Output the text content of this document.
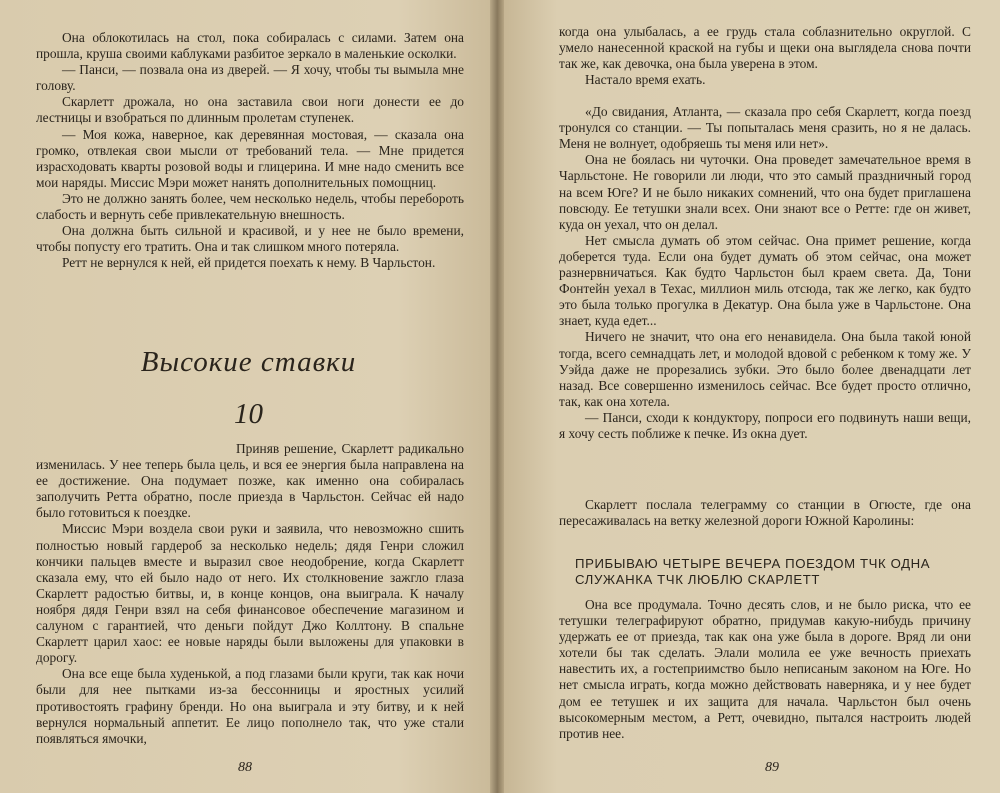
Она облокотилась на стол, пока собиралась с силами. Затем она прошла, круша своими каблуками разбитое зеркало в маленькие осколки.

— Панси, — позвала она из дверей. — Я хочу, чтобы ты вымыла мне голову.

Скарлетт дрожала, но она заставила свои ноги донести ее до лестницы и взобраться по длинным пролетам ступенек.

— Моя кожа, наверное, как деревянная мостовая, — сказала она громко, отвлекая свои мысли от требований тела. — Мне придется израсходовать кварты розовой воды и глицерина. И мне надо сменить все мои наряды. Миссис Мэри может нанять дополнительных помощниц.

Это не должно занять более, чем несколько недель, чтобы перебороть слабость и вернуть себе привлекательную внешность.

Она должна быть сильной и красивой, и у нее не было времени, чтобы попусту его тратить. Она и так слишком много потеряла.

Ретт не вернулся к ней, ей придется поехать к нему. В Чарльстон.

Высокие ставки
10

Приняв решение, Скарлетт радикально изменилась. У нее теперь была цель, и вся ее энергия была направлена на ее достижение. Она подумает позже, как именно она собиралась заполучить Ретта обратно, после приезда в Чарльстон. Сейчас ей надо было готовиться к поездке.

Миссис Мэри воздела свои руки и заявила, что невозможно сшить полностью новый гардероб за несколько недель; дядя Генри сложил кончики пальцев вместе и выразил свое неодобрение, когда Скарлетт сказала ему, что ей было надо от него. Их столкновение зажгло глаза Скарлетт радостью битвы, и, в конце концов, она выиграла. К началу ноября дядя Генри взял на себя финансовое обеспечение магазином и салуном с гарантией, что деньги пойдут Джо Коллтону. В спальне Скарлетт царил хаос: ее новые наряды были выложены для упаковки в дорогу.

Она все еще была худенькой, а под глазами были круги, так как ночи были для нее пытками из-за бессонницы и яростных усилий противостоять графину бренди. Но она выиграла и эту битву, и к ней вернулся нормальный аппетит. Ее лицо пополнело так, что уже стали появляться ямочки,

88

когда она улыбалась, а ее грудь стала соблазнительно округлой. С умело нанесенной краской на губы и щеки она выглядела снова почти так же, как девочка, она была уверена в этом.

Настало время ехать.

«До свидания, Атланта, — сказала про себя Скарлетт, когда поезд тронулся со станции. — Ты попыталась меня сразить, но я не далась. Меня не волнует, одобряешь ты меня или нет».

Она не боялась ни чуточки. Она проведет замечательное время в Чарльстоне. Не говорили ли люди, что это самый праздничный город на всем Юге? И не было никаких сомнений, что она будет приглашена повсюду. Ее тетушки знали всех. Они знают все о Ретте: где он живет, куда он уехал, что он делал.

Нет смысла думать об этом сейчас. Она примет решение, когда доберется туда. Если она будет думать об этом сейчас, она может разнервничаться. Как будто Чарльстон был краем света. Да, Тони Фонтейн уехал в Техас, миллион миль отсюда, так же легко, как будто это была только прогулка в Декатур. Она была уже в Чарльстоне. Она знает, куда едет...

Ничего не значит, что она его ненавидела. Она была такой юной тогда, всего семнадцать лет, и молодой вдовой с ребенком к тому же. У Уэйда даже не прорезались зубки. Это было более двенадцати лет назад. Все совершенно изменилось сейчас. Все будет просто отлично, так, как она хотела.

— Панси, сходи к кондуктору, попроси его подвинуть наши вещи, я хочу сесть поближе к печке. Из окна дует.

Скарлетт послала телеграмму со станции в Огюсте, где она пересаживалась на ветку железной дороги Южной Каролины:

ПРИБЫВАЮ ЧЕТЫРЕ ВЕЧЕРА ПОЕЗДОМ ТЧК ОДНА СЛУЖАНКА ТЧК ЛЮБЛЮ СКАРЛЕТТ

Она все продумала. Точно десять слов, и не было риска, что ее тетушки телеграфируют обратно, придумав какую-нибудь причину удержать ее от приезда, так как она уже была в дороге. Вряд ли они хотели бы так сделать. Элали молила ее уже вечность приехать навестить их, а гостеприимство было неписаным законом на Юге. Но нет смысла играть, когда можно действовать наверняка, и у нее будет дом ее тетушек и их защита для начала. Чарльстон был очень высокомерным местом, а Ретт, очевидно, пытался настроить людей против нее.

89
